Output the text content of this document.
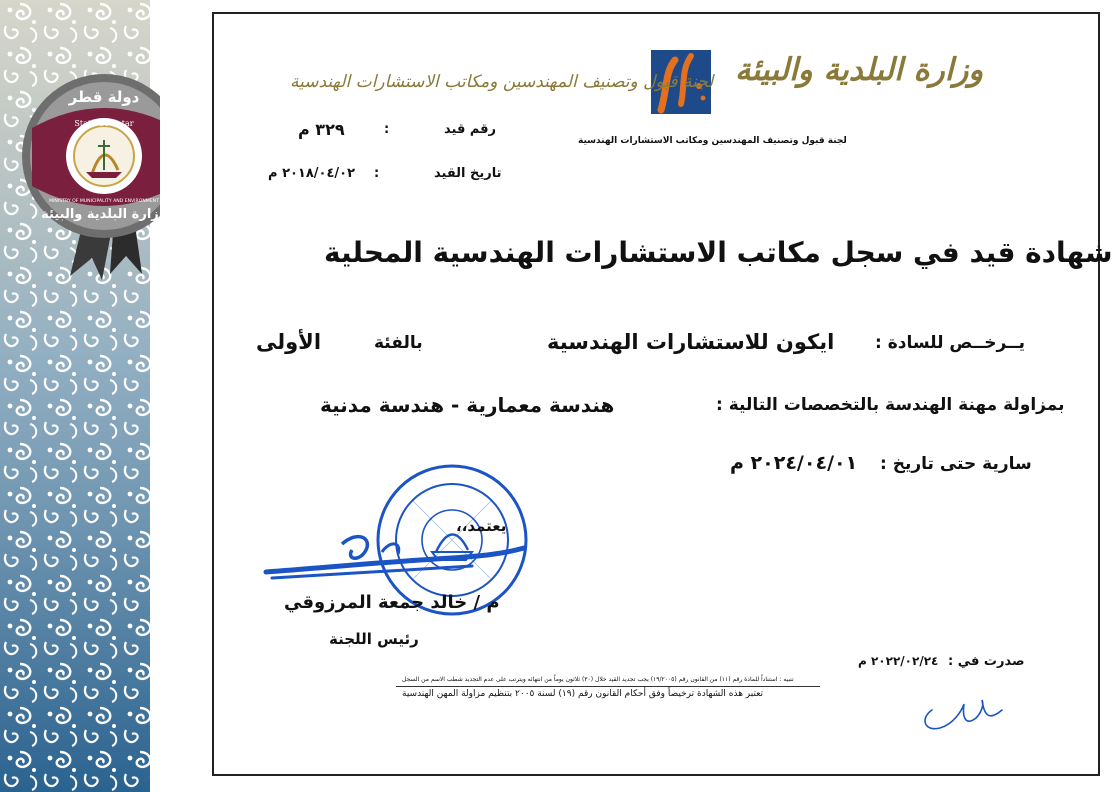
دولة قطر
State Of Qatar
MINISTRY OF MUNICIPALITY AND ENVIRONMENT
وزارة البلدية والبيئة
وزارة البلدية والبيئة
لجنة قبول وتصنيف المهندسين ومكاتب الاستشارات الهندسية
لجنة قبول وتصنيف المهندسين ومكاتب الاستشارات الهندسية
رقم قيد
:
٣٢٩ م
تاريخ القيد
:
٢٠١٨/٠٤/٠٢ م
شهادة قيد في سجل مكاتب الاستشارات الهندسية المحلية
يــرخــص للسادة :
ايكون للاستشارات الهندسية
بالفئة
الأولى
بمزاولة مهنة الهندسة بالتخصصات التالية :
هندسة معمارية - هندسة مدنية
سارية حتى تاريخ :
٢٠٢٤/٠٤/٠١ م
يعتمد،،
م / خالد جمعة المرزوقي
رئيس اللجنة
صدرت في :
٢٠٢٢/٠٢/٢٤ م
تنبيه : استناداً للمادة رقم (١١) من القانون رقم (١٩/٢٠٠٥) يجب تجديد القيد خلال (٣٠) ثلاثون يوماً من انتهائه ويترتب على عدم التجديد شطب الاسم من السجل
تعتبر هذه الشهادة ترخيصاً وفق أحكام القانون رقم (١٩) لسنة ٢٠٠٥ بتنظيم مزاولة المهن الهندسية
